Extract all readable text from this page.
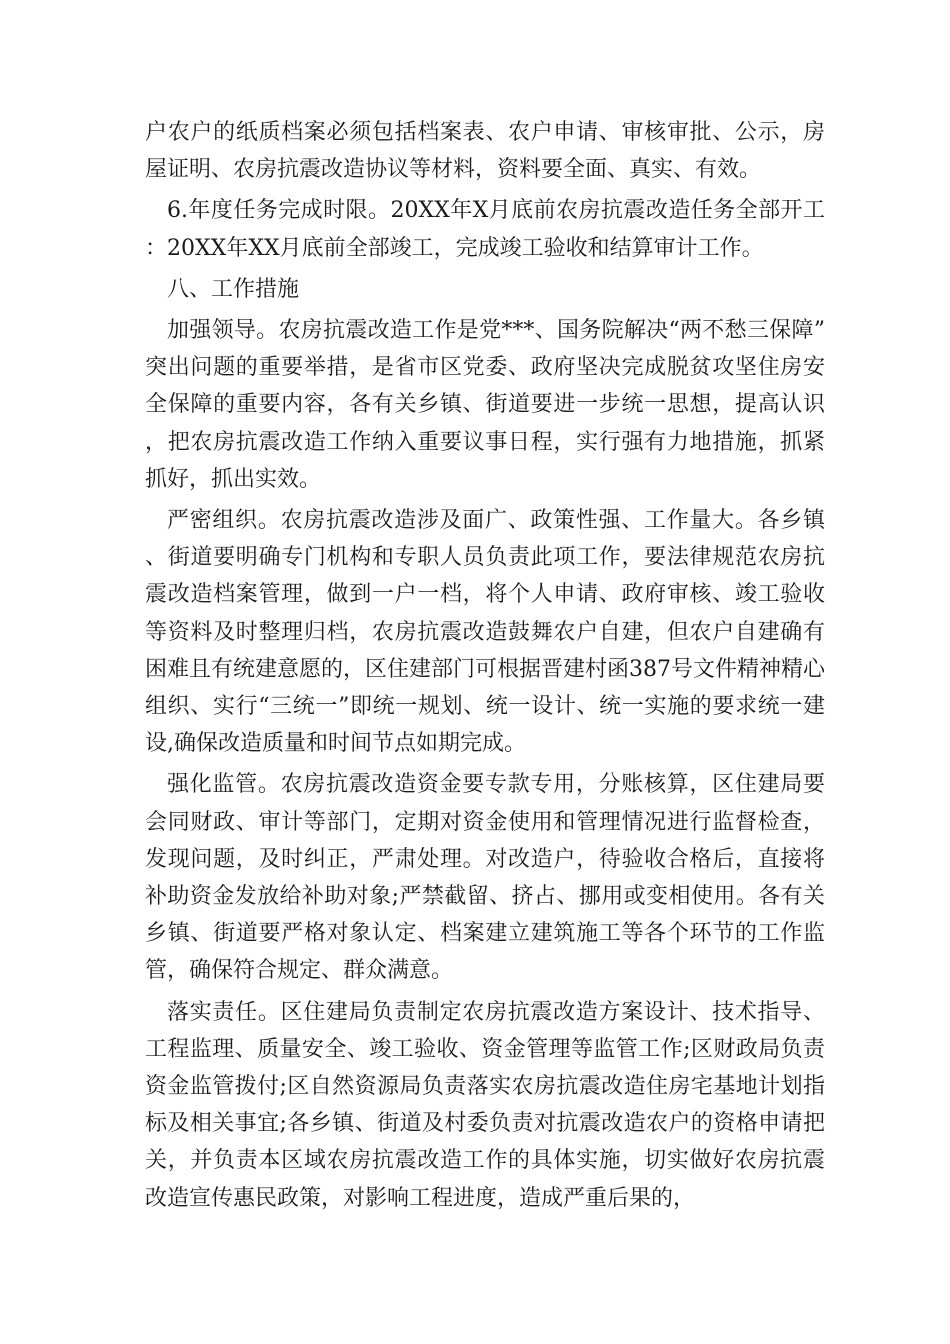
户农户的纸质档案必须包括档案表、农户申请、审核审批、公示，房屋证明、农房抗震改造协议等材料，资料要全面、真实、有效。

6.年度任务完成时限。20XX年X月底前农房抗震改造任务全部开工：20XX年XX月底前全部竣工，完成竣工验收和结算审计工作。

八、工作措施

加强领导。农房抗震改造工作是党***、国务院解决“两不愁三保障”突出问题的重要举措，是省市区党委、政府坚决完成脱贫攻坚住房安全保障的重要内容，各有关乡镇、街道要进一步统一思想，提高认识，把农房抗震改造工作纳入重要议事日程，实行强有力地措施，抓紧抓好，抓出实效。

严密组织。农房抗震改造涉及面广、政策性强、工作量大。各乡镇、街道要明确专门机构和专职人员负责此项工作，要法律规范农房抗震改造档案管理，做到一户一档，将个人申请、政府审核、竣工验收等资料及时整理归档，农房抗震改造鼓舞农户自建，但农户自建确有困难且有统建意愿的，区住建部门可根据晋建村函387号文件精神精心组织、实行“三统一”即统一规划、统一设计、统一实施的要求统一建设,确保改造质量和时间节点如期完成。

强化监管。农房抗震改造资金要专款专用，分账核算，区住建局要会同财政、审计等部门，定期对资金使用和管理情况进行监督检查，发现问题，及时纠正，严肃处理。对改造户，待验收合格后，直接将补助资金发放给补助对象;严禁截留、挤占、挪用或变相使用。各有关乡镇、街道要严格对象认定、档案建立建筑施工等各个环节的工作监管，确保符合规定、群众满意。

落实责任。区住建局负责制定农房抗震改造方案设计、技术指导、工程监理、质量安全、竣工验收、资金管理等监管工作;区财政局负责资金监管拨付;区自然资源局负责落实农房抗震改造住房宅基地计划指标及相关事宜;各乡镇、街道及村委负责对抗震改造农户的资格申请把关，并负责本区域农房抗震改造工作的具体实施，切实做好农房抗震改造宣传惠民政策，对影响工程进度，造成严重后果的，
